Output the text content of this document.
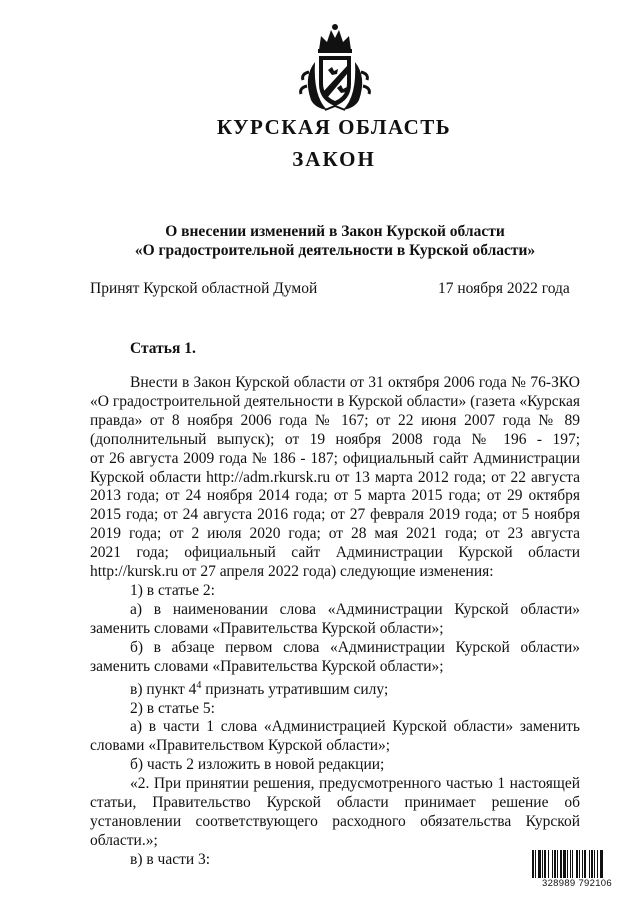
КУРСКАЯ ОБЛАСТЬ
ЗАКОН
О внесении изменений в Закон Курской области
«О градостроительной деятельности в Курской области»
Принят Курской областной Думой	17 ноября 2022 года
Статья 1.

Внести в Закон Курской области от 31 октября 2006 года № 76-ЗКО

«О градостроительной деятельности в Курской области» (газета «Курская

правда» от 8 ноября 2006 года № 167; от 22 июня 2007 года № 89

(дополнительный выпуск); от 19 ноября 2008 года № 196 - 197;

от 26 августа 2009 года № 186 - 187; официальный сайт Администрации

Курской области http://adm.rkursk.ru от 13 марта 2012 года; от 22 августа

2013 года; от 24 ноября 2014 года; от 5 марта 2015 года; от 29 октября

2015 года; от 24 августа 2016 года; от 27 февраля 2019 года; от 5 ноября

2019 года; от 2 июля 2020 года; от 28 мая 2021 года; от 23 августа

2021 года; официальный сайт Администрации Курской области

http://kursk.ru от 27 апреля 2022 года) следующие изменения:

1) в статье 2:

а) в наименовании слова «Администрации Курской области»

заменить словами «Правительства Курской области»;

б) в абзаце первом слова «Администрации Курской области»

заменить словами «Правительства Курской области»;

в) пункт $4^4$ признать утратившим силу;

2) в статье 5:

а) в части 1 слова «Администрацией Курской области» заменить

словами «Правительством Курской области»;

б) часть 2 изложить в новой редакции;

«2. При принятии решения, предусмотренного частью 1 настоящей

статьи, Правительство Курской области принимает решение об

установлении соответствующего расходного обязательства Курской

области.»;

в) в части 3:

328989 792106
